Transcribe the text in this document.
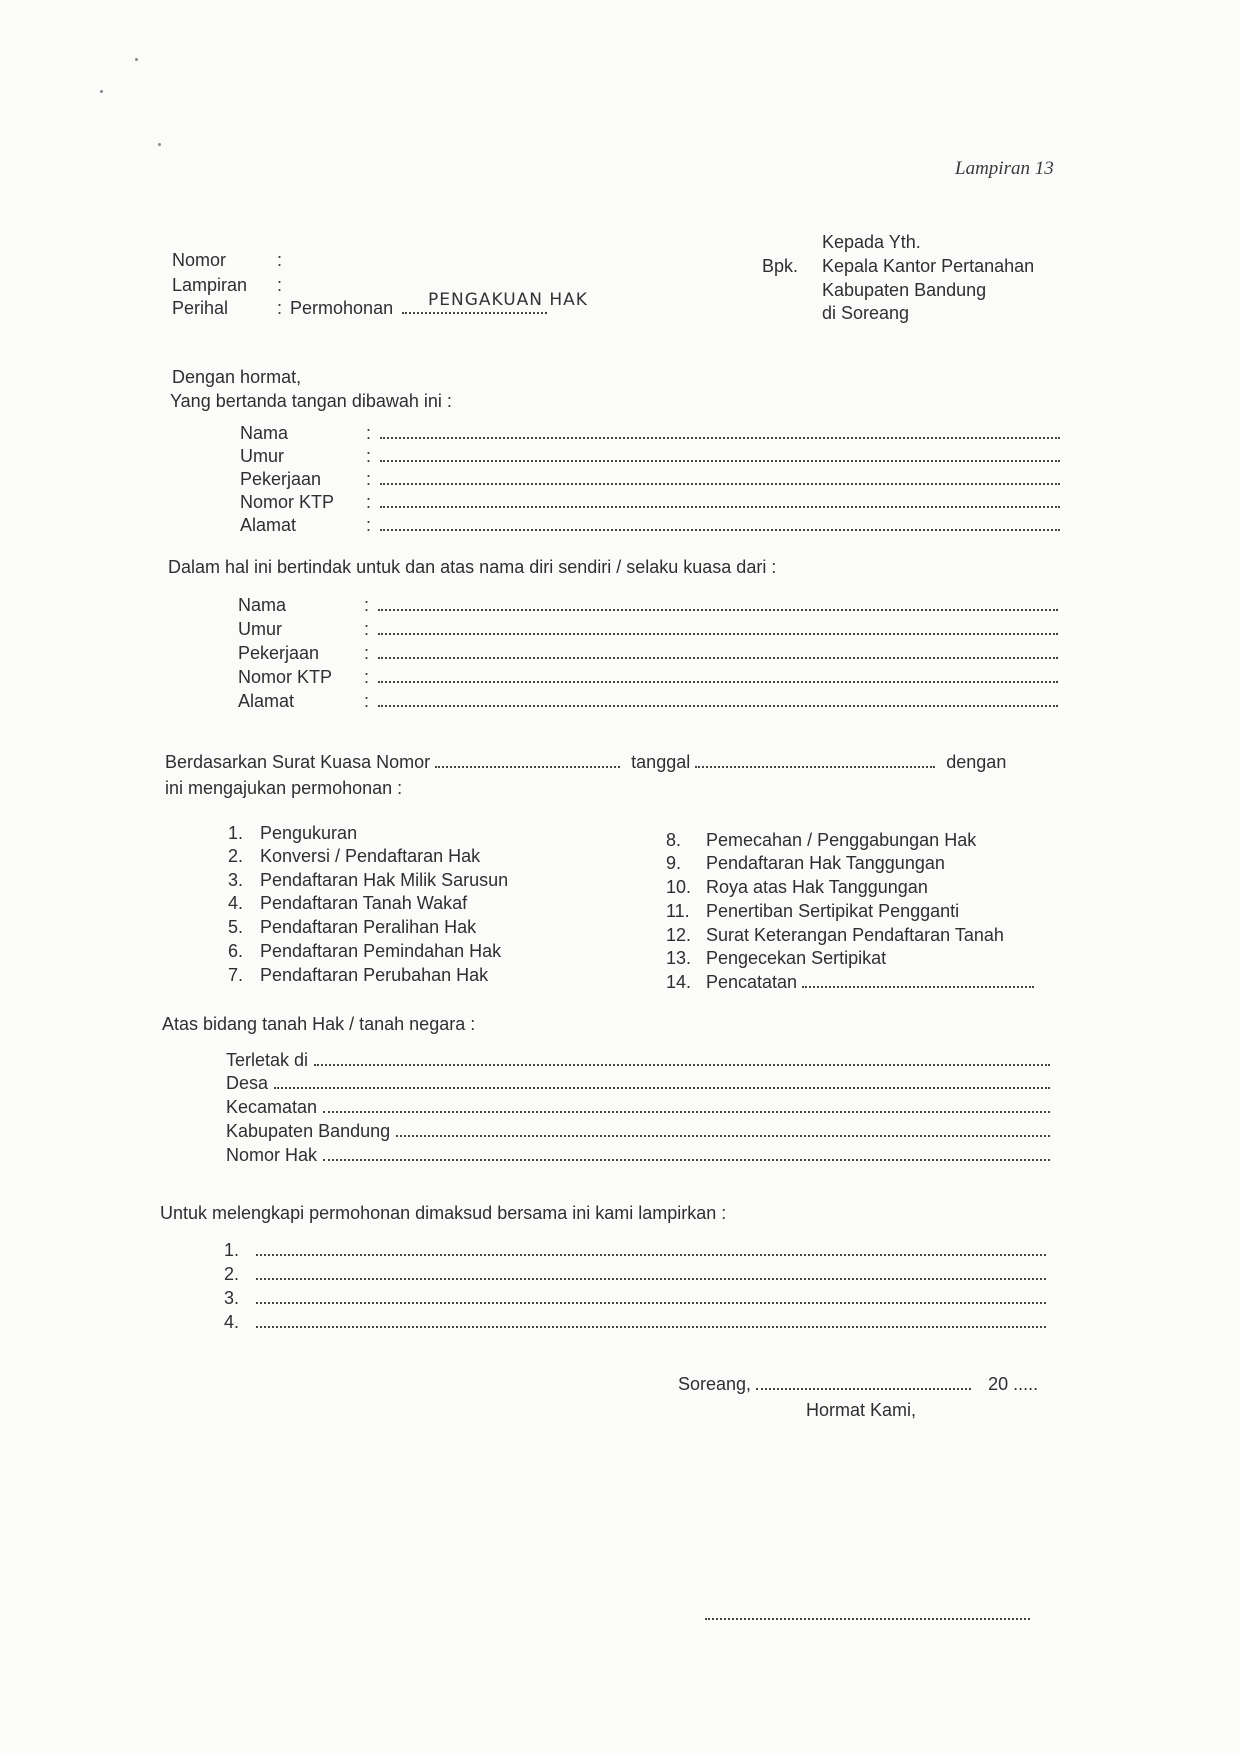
Lampiran 13
Nomor	:
Lampiran :
Perihal	: Permohonan	PENGAKUAN HAK
Kepada Yth.
Bpk. Kepala Kantor Pertanahan
Kabupaten Bandung
di Soreang
Dengan hormat,
Yang bertanda tangan dibawah ini :
Nama	:
Umur	:
Pekerjaan :
Nomor KTP :
Alamat	:
Dalam hal ini bertindak untuk dan atas nama diri sendiri / selaku kuasa dari :
Nama	:
Umur	:
Pekerjaan :
Nomor KTP :
Alamat	:
Berdasarkan Surat Kuasa Nomor	tanggal	dengan
ini mengajukan permohonan :
1. Pengukuran
2. Konversi / Pendaftaran Hak
3. Pendaftaran Hak Milik Sarusun
4. Pendaftaran Tanah Wakaf
5. Pendaftaran Peralihan Hak
6. Pendaftaran Pemindahan Hak
7. Pendaftaran Perubahan Hak
8. Pemecahan / Penggabungan Hak
9. Pendaftaran Hak Tanggungan
10. Roya atas Hak Tanggungan
11. Penertiban Sertipikat Pengganti
12. Surat Keterangan Pendaftaran Tanah
13. Pengecekan Sertipikat
14. Pencatatan
Atas bidang tanah Hak / tanah negara :
Terletak di
Desa
Kecamatan
Kabupaten Bandung
Nomor Hak
Untuk melengkapi permohonan dimaksud bersama ini kami lampirkan :
1.
2.
3.
4.
Soreang,	20 .....
Hormat Kami,
